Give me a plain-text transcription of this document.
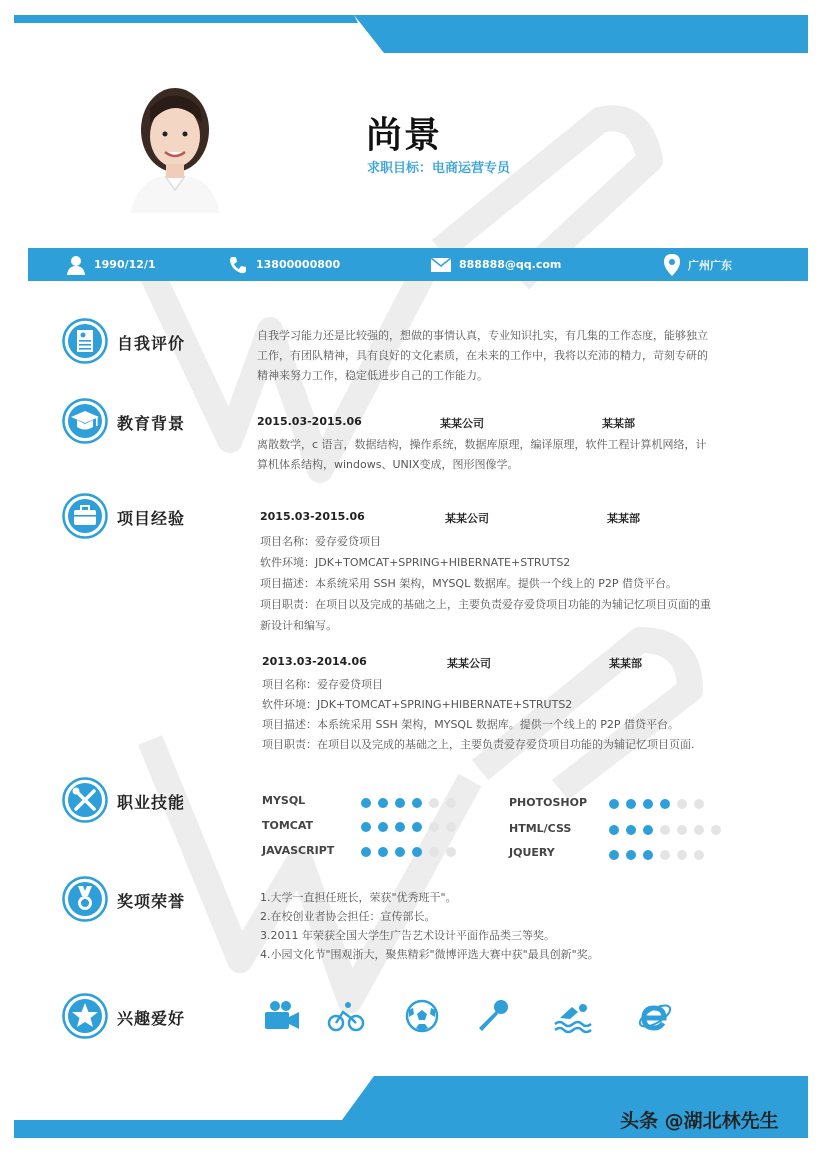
尚景
求职目标：电商运营专员
1990/12/1	13800000800	888888@qq.com	广州广东
自我评价	自我学习能力还是比较强的，想做的事情认真，专业知识扎实，有几集的工作态度，能够独立
工作，有团队精神，具有良好的文化素质，在未来的工作中，我将以充沛的精力，苛刻专研的
精神来努力工作，稳定低进步自己的工作能力。
教育背景	2015.03-2015.06	某某公司	某某部
离散数学，c 语言，数据结构，操作系统，数据库原理，编译原理，软件工程计算机网络，计
算机体系结构，windows、UNIX变成，图形图像学。
项目经验	2015.03-2015.06	某某公司	某某部
项目名称：爱存爱贷项目
软件环境：JDK+TOMCAT+SPRING+HIBERNATE+STRUTS2
项目描述：本系统采用 SSH 架构，MYSQL 数据库。提供一个线上的 P2P 借贷平台。
项目职责：在项目以及完成的基础之上，主要负责爱存爱贷项目功能的为辅记忆项目页面的重
新设计和编写。
2013.03-2014.06	某某公司	某某部
项目名称：爱存爱贷项目
软件环境：JDK+TOMCAT+SPRING+HIBERNATE+STRUTS2
项目描述：本系统采用 SSH 架构，MYSQL 数据库。提供一个线上的 P2P 借贷平台。
项目职责：在项目以及完成的基础之上，主要负责爱存爱贷项目功能的为辅记忆项目页面.
职业技能	MYSQL
TOMCAT
JAVASCRIPT
PHOTOSHOP
HTML/CSS
JQUERY
奖项荣誉	1.大学一直担任班长，荣获"优秀班干"。
2.在校创业者协会担任：宣传部长。
3.2011 年荣获全国大学生广告艺术设计平面作品类三等奖。
4.小园文化节"围观浙大，聚焦精彩"微博评选大赛中获"最具创新"奖。
兴趣爱好
头条 @湖北林先生
